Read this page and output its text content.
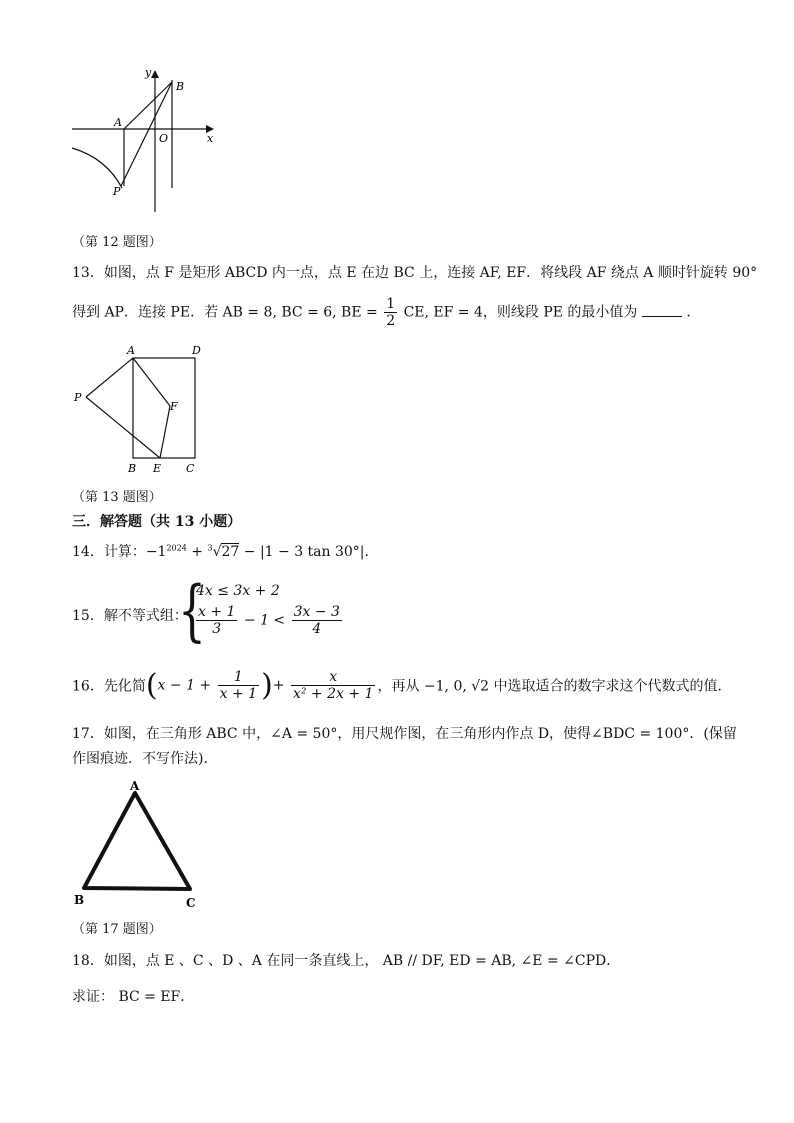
y
B
A
O	x
P
（第 12 题图）
13．如图，点 F 是矩形 ABCD 内一点，点 E 在边 BC 上，连接 AF, EF．将线段 AF 绕点 A 顺时针旋转 90°
得到 AP．连接 PE．若 AB = 8, BC = 6, BE = $\frac{1}{2}$ CE, EF = 4，则线段 PE 的最小值为	．
A	D
P
F
B E C
（第 13 题图）
三．解答题（共 13 小题）
14．计算：$-1^{2024} + ^3√27 - |1 - 3$ tan 30°|．
15．解不等式组：
{
4x ≤ 3x + 2
$\frac{x + 1}{3} - 1 < \frac{3x - 3}{4}$
16．先化简($x - 1 + \frac{1}{x + 1}$ )+ $\frac{x}{\text{x² + 2x + 1}}$ ，再从 −1, 0, √2 中选取适合的数字求这个代数式的值．
17．如图，在三角形 ABC 中，∠A = 50°，用尺规作图，在三角形内作点 D，使得∠BDC = 100°．(保留
作图痕迹．不写作法)．
A
B	C
（第 17 题图）
18．如图，点 E 、C 、D 、A 在同一条直线上， AB // DF, ED = AB, ∠E = ∠CPD．
求证： BC = EF．
